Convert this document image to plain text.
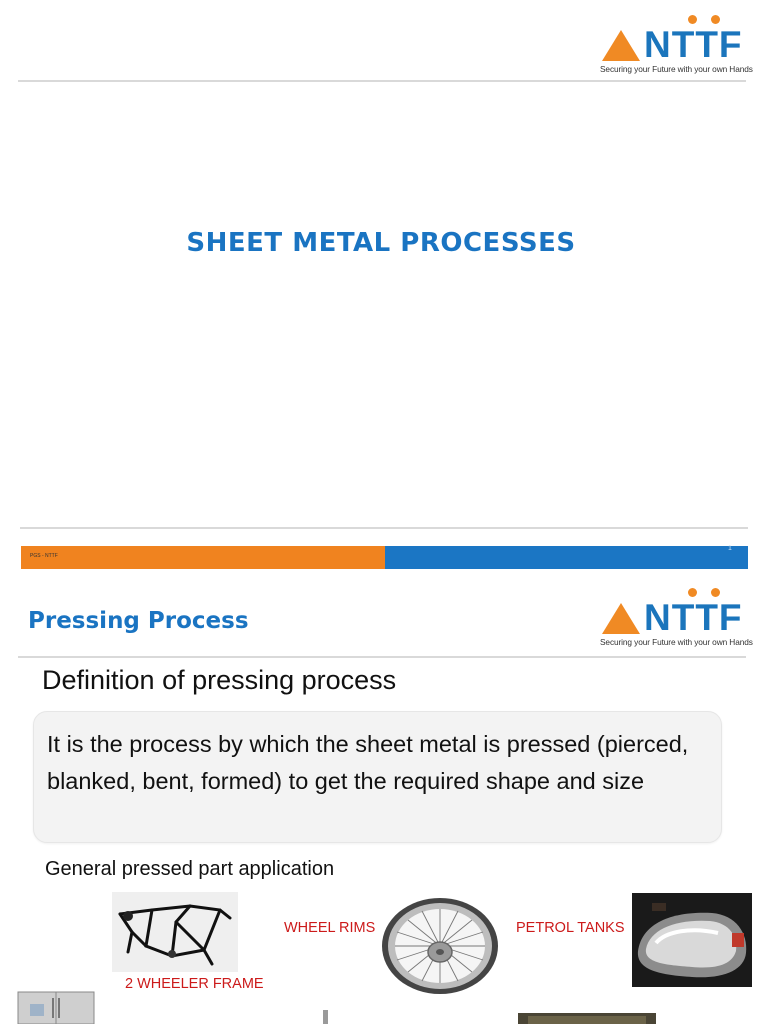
NTTF
Securing your Future with your own Hands
SHEET METAL PROCESSES
PGS - NTTF
1
Pressing Process	NTTF
Securing your Future with your own Hands
Definition of pressing process
It is the process by which the sheet metal is pressed (pierced, blanked, bent, formed) to get the required shape and size
General pressed part application
2 WHEELER FRAME
WHEEL RIMS	PETROL TANKS
